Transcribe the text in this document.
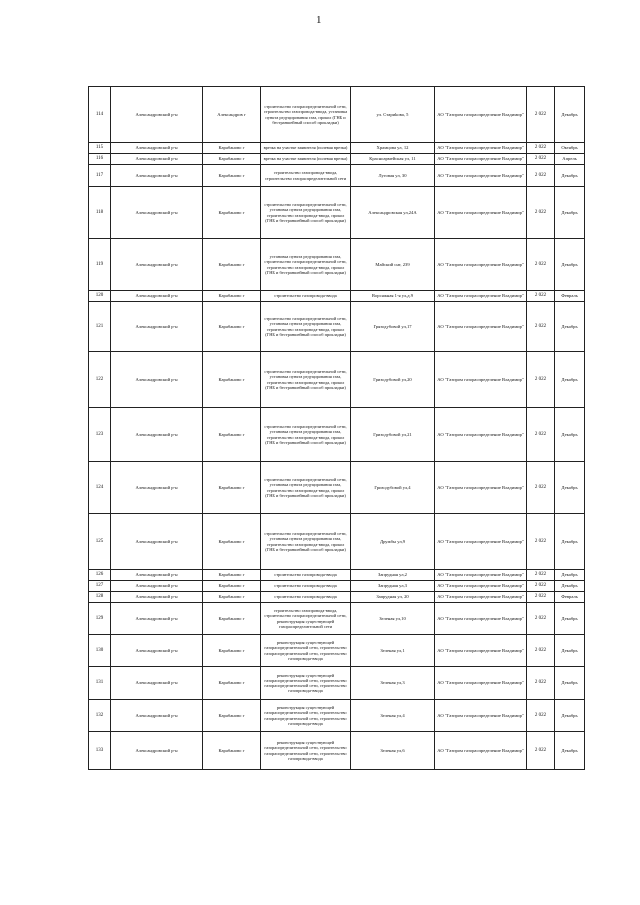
1
114	Александровский р-н	Александров г	строительство газораспределительной сети, строительство газопровода-ввода, установка пункта редуцирования газа, прокол (ГНБ и бестраншейный способ прокладки)	ул. Стариkова, 5	АО "Газпром газораспределение Владимир"	2 022	Декабрь
115	Александровский р-н	Карабаново г	врезка на участке заявителя (полевая врезка)	Храмцова ул, 12	АО "Газпром газораспределение Владимир"	2 022	Октябрь
116	Александровский р-н	Карабаново г	врезка на участке заявителя (полевая врезка)	Красноармейская ул, 11	АО "Газпром газораспределение Владимир"	2 022	Апрель
117	Александровский р-н	Карабаново г	строительство газопровода-ввода, строительство газораспределительной сети	Луговая ул, 30	АО "Газпром газораспределение Владимир"	2 022	Декабрь
118	Александровский р-н	Карабаново г	строительство газораспределительной сети, установка пункта редуцирования газа, строительство газопровода-ввода, прокол (ГНБ и бестраншейный способ прокладки)	Александровская ул,24А	АО "Газпром газораспределение Владимир"	2 022	Декабрь
119	Александровский р-н	Карабаново г	установка пункта редуцирования газа, строительство газораспределительной сети, строительство газопровода-ввода, прокол (ГНБ и бестраншейный способ прокладки)	Майский снт, 239	АО "Газпром газораспределение Владимир"	2 022	Декабрь
120	Александровский р-н	Карабаново г	строительство газопровода-ввода	Ворсяжная 1-я ул,д.9	АО "Газпром газораспределение Владимир"	2 022	Февраль
121	Александровский р-н	Карабаново г	строительство газораспределительной сети, установка пункта редуцирования газа, строительство газопровода-ввода, прокол (ГНБ и бестраншейный способ прокладки)	Грязодубовой ул,17	АО "Газпром газораспределение Владимир"	2 022	Декабрь
122	Александровский р-н	Карабаново г	строительство газораспределительной сети, установка пункта редуцирования газа, строительство газопровода-ввода, прокол (ГНБ и бестраншейный способ прокладки)	Гризодубовой ул,20	АО "Газпром газораспределение Владимир"	2 022	Декабрь
123	Александровский р-н	Карабаново г	строительство газораспределительной сети, установка пункта редуцирования газа, строительство газопровода-ввода, прокол (ГНБ и бестраншейный способ прокладки)	Гризодубовой ул,21	АО "Газпром газораспределение Владимир"	2 022	Декабрь
124	Александровский р-н	Карабаново г	строительство газораспределительной сети, установка пункта редуцирования газа, строительство газопровода-ввода, прокол (ГНБ и бестраншейный способ прокладки)	Гризодубовой ул,4	АО "Газпром газораспределение Владимир"	2 022	Декабрь
125	Александровский р-н	Карабаново г	строительство газораспределительной сети, установка пункта редуцирования газа, строительство газопровода-ввода, прокол (ГНБ и бестраншейный способ прокладки)	Дружбы ул,9	АО "Газпром газораспределение Владимир"	2 022	Декабрь
126	Александровский р-н	Карабаново г	строительство газопровода-ввода	Запрудная ул,2	АО "Газпром газораспределение Владимир"	2 022	Декабрь
127	Александровский р-н	Карабаново г	строительство газопровода-ввода	Запрудная ул,3	АО "Газпром газораспределение Владимир"	2 022	Декабрь
128	Александровский р-н	Карабаново г	строительство газопровода-ввода	Запрудная ул, 20	АО "Газпром газораспределение Владимир"	2 022	Февраль
129	Александровский р-н	Карабаново г	строительство газопровода-ввода, строительство газораспределительной сети, реконструкция существующей газораспределительной сети	Зеленая ул,10	АО "Газпром газораспределение Владимир"	2 022	Декабрь
130	Александровский р-н	Карабаново г	реконструкция существующей газораспределительной сети, строительство газораспределительной сети, строительство газопровода-ввода	Зеленая ул,1	АО "Газпром газораспределение Владимир"	2 022	Декабрь
131	Александровский р-н	Карабаново г	реконструкция существующей газораспределительной сети, строительство газораспределительной сети, строительство газопровода-ввода	Зеленая ул,3	АО "Газпром газораспределение Владимир"	2 022	Декабрь
132	Александровский р-н	Карабаново г	реконструкция существующей газораспределительной сети, строительство газораспределительной сети, строительство газопровода-ввода	Зеленая ул,4	АО "Газпром газораспределение Владимир"	2 022	Декабрь
133	Александровский р-н	Карабаново г	реконструкция существующей газораспределительной сети, строительство газораспределительной сети, строительство газопровода-ввода	Зеленая ул,6	АО "Газпром газораспределение Владимир"	2 022	Декабрь
